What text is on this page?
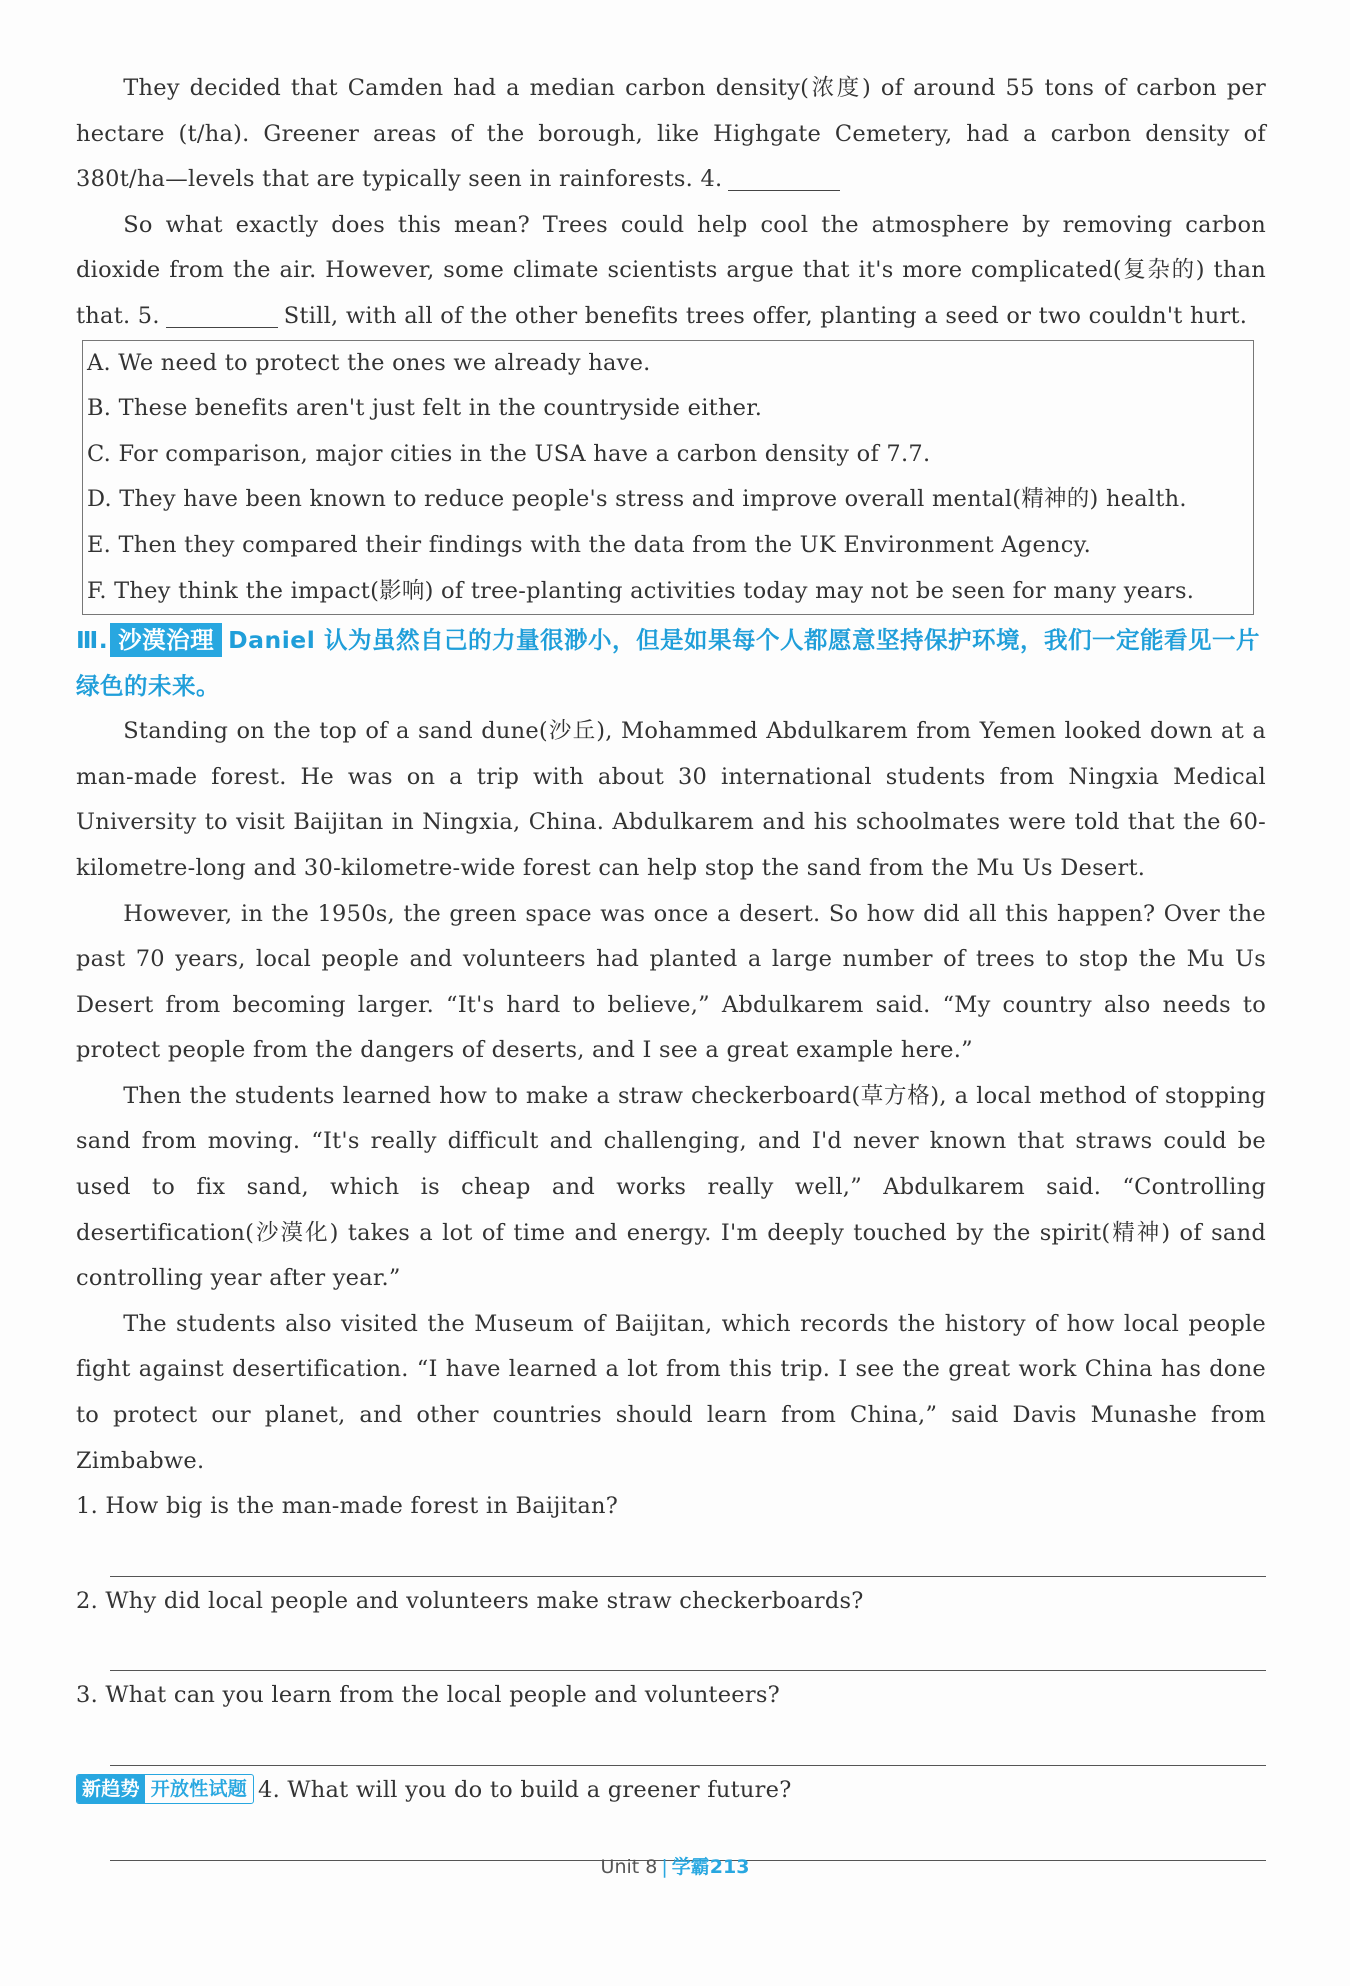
They decided that Camden had a median carbon density(浓度) of around 55 tons of carbon per hectare (t/ha). Greener areas of the borough, like Highgate Cemetery, had a carbon density of 380t/ha—levels that are typically seen in rainforests. 4.

So what exactly does this mean? Trees could help cool the atmosphere by removing carbon dioxide from the air. However, some climate scientists argue that it's more complicated(复杂的) than that. 5.	Still, with all of the other benefits trees offer, planting a seed or two couldn't hurt.

A. We need to protect the ones we already have.
B. These benefits aren't just felt in the countryside either.
C. For comparison, major cities in the USA have a carbon density of 7.7.
D. They have been known to reduce people's stress and improve overall mental(精神的) health.
E. Then they compared their findings with the data from the UK Environment Agency.
F. They think the impact(影响) of tree-planting activities today may not be seen for many years.
Ⅲ. 沙漠治理 Daniel 认为虽然自己的力量很渺小，但是如果每个人都愿意坚持保护环境，我们一定能看见一片绿色的未来。

Standing on the top of a sand dune(沙丘), Mohammed Abdulkarem from Yemen looked down at a man-made forest. He was on a trip with about 30 international students from Ningxia Medical University to visit Baijitan in Ningxia, China. Abdulkarem and his schoolmates were told that the 60-kilometre-long and 30-kilometre-wide forest can help stop the sand from the Mu Us Desert.

However, in the 1950s, the green space was once a desert. So how did all this happen? Over the past 70 years, local people and volunteers had planted a large number of trees to stop the Mu Us Desert from becoming larger. “It's hard to believe,” Abdulkarem said. “My country also needs to protect people from the dangers of deserts, and I see a great example here.”

Then the students learned how to make a straw checkerboard(草方格), a local method of stopping sand from moving. “It's really difficult and challenging, and I'd never known that straws could be used to fix sand, which is cheap and works really well,” Abdulkarem said. “Controlling desertification(沙漠化) takes a lot of time and energy. I'm deeply touched by the spirit(精神) of sand controlling year after year.”

The students also visited the Museum of Baijitan, which records the history of how local people fight against desertification. “I have learned a lot from this trip. I see the great work China has done to protect our planet, and other countries should learn from China,” said Davis Munashe from Zimbabwe.

1. How big is the man-made forest in Baijitan?
2. Why did local people and volunteers make straw checkerboards?
3. What can you learn from the local people and volunteers?
新趋势 开放性试题 4. What will you do to build a greener future?
Unit 8 | 学霸213
